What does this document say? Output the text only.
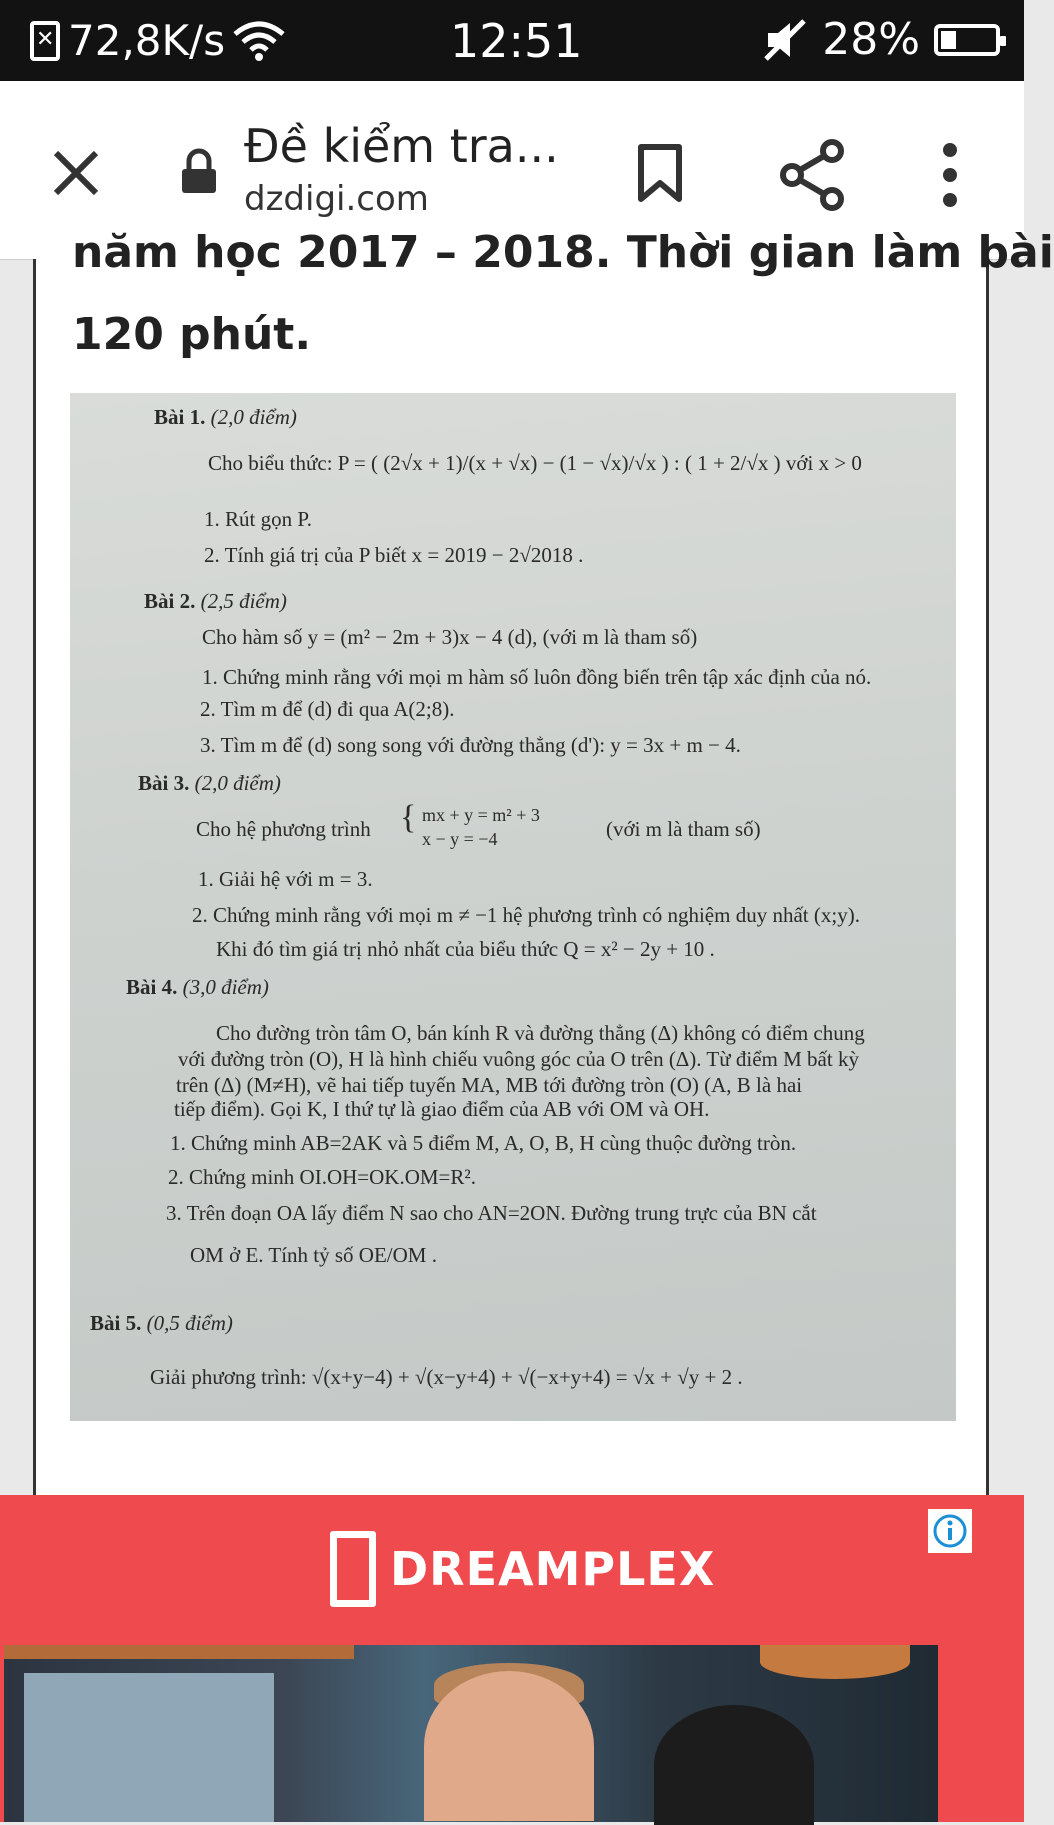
✕ 72,8K/s	12:51	28%
Đề kiểm tra...
dzdigi.com
năm học 2017 – 2018. Thời gian làm bài
120 phút.
Bài 1. (2,0 điểm)
Cho biểu thức: P = ( (2√x + 1)/(x + √x) − (1 − √x)/√x ) : ( 1 + 2/√x ) với x > 0
1. Rút gọn P.
2. Tính giá trị của P biết x = 2019 − 2√2018 .
Bài 2. (2,5 điểm)
Cho hàm số y = (m² − 2m + 3)x − 4 (d), (với m là tham số)
1. Chứng minh rằng với mọi m hàm số luôn đồng biến trên tập xác định của nó.
2. Tìm m để (d) đi qua A(2;8).
3. Tìm m để (d) song song với đường thẳng (d'): y = 3x + m − 4.
Bài 3. (2,0 điểm)
Cho hệ phương trình { mx + y = m² + 3
x − y = −4	(với m là tham số)
1. Giải hệ với m = 3.
2. Chứng minh rằng với mọi m ≠ −1 hệ phương trình có nghiệm duy nhất (x;y).
Khi đó tìm giá trị nhỏ nhất của biểu thức Q = x² − 2y + 10 .
Bài 4. (3,0 điểm)
Cho đường tròn tâm O, bán kính R và đường thẳng (Δ) không có điểm chung
với đường tròn (O), H là hình chiếu vuông góc của O trên (Δ). Từ điểm M bất kỳ
trên (Δ) (M≠H), vẽ hai tiếp tuyến MA, MB tới đường tròn (O) (A, B là hai
tiếp điểm). Gọi K, I thứ tự là giao điểm của AB với OM và OH.
1. Chứng minh AB=2AK và 5 điểm M, A, O, B, H cùng thuộc đường tròn.
2. Chứng minh OI.OH=OK.OM=R².
3. Trên đoạn OA lấy điểm N sao cho AN=2ON. Đường trung trực của BN cắt
OM ở E. Tính tỷ số OE/OM .
Bài 5. (0,5 điểm)
Giải phương trình: √(x+y−4) + √(x−y+4) + √(−x+y+4) = √x + √y + 2 .
DREAMPLEX
